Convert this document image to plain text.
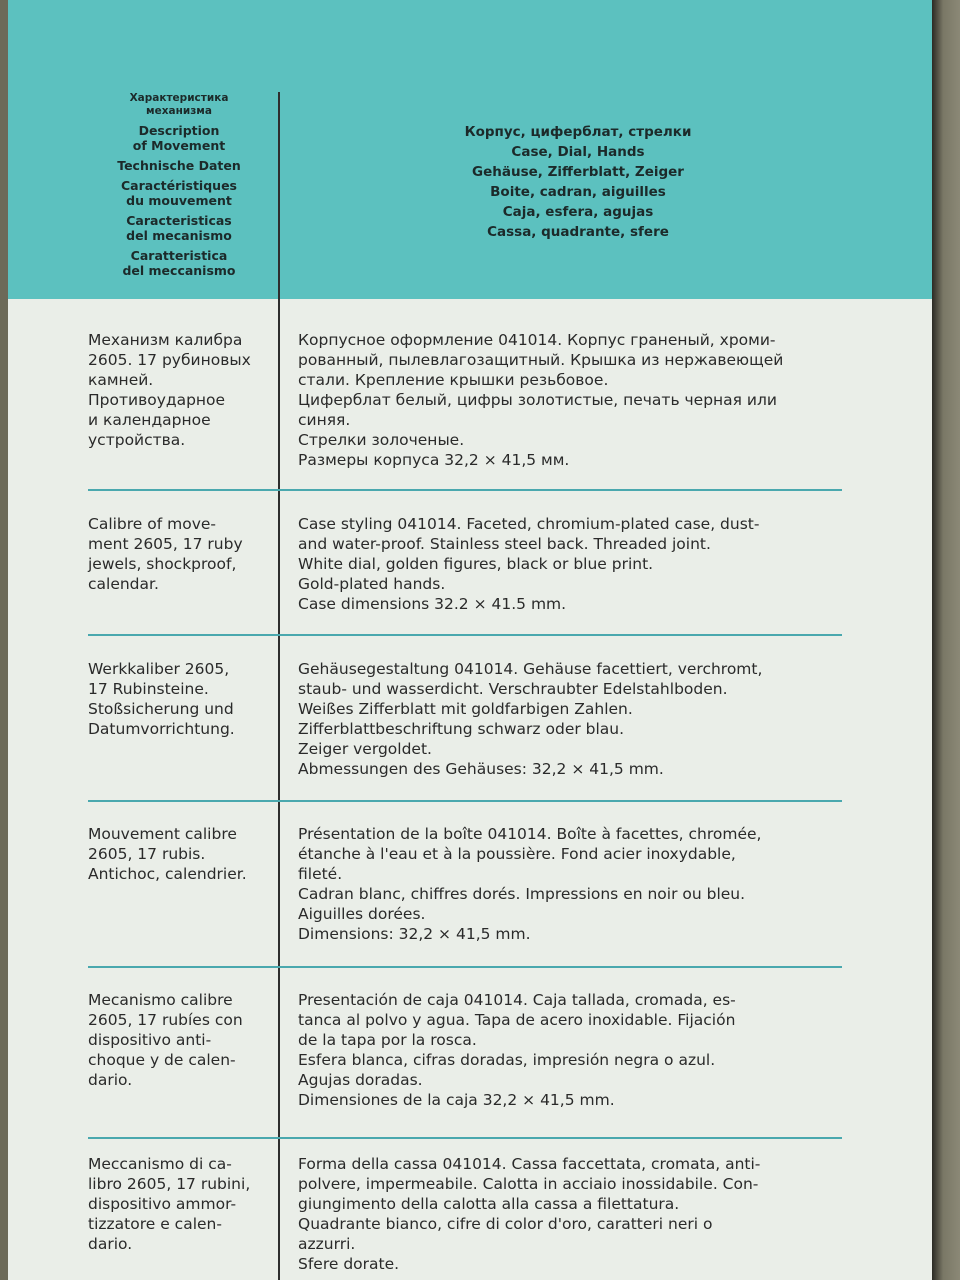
Характеристика
механизма
Description
of Movement
Technische Daten
Caractéristiques
du mouvement
Caracteristicas
del mecanismo
Caratteristica
del meccanismo
Корпус, циферблат, стрелки
Case, Dial, Hands
Gehäuse, Zifferblatt, Zeiger
Boite, cadran, aiguilles
Caja, esfera, agujas
Cassa, quadrante, sfere

Механизм калибра

2605. 17 рубиновых

камней.

Противоударное

и календарное

устройства.

Корпусное оформление 041014. Корпус граненый, хроми-

рованный, пылевлагозащитный. Крышка из нержавеющей

стали. Крепление крышки резьбовое.

Циферблат белый, цифры золотистые, печать черная или

синяя.

Стрелки золоченые.

Размеры корпуса 32,2 × 41,5 мм.

Calibre of move-

ment 2605, 17 ruby

jewels, shockproof,

calendar.

Case styling 041014. Faceted, chromium-plated case, dust-

and water-proof. Stainless steel back. Threaded joint.

White dial, golden figures, black or blue print.

Gold-plated hands.

Case dimensions 32.2 × 41.5 mm.

Werkkaliber 2605,

17 Rubinsteine.

Stoßsicherung und

Datumvorrichtung.

Gehäusegestaltung 041014. Gehäuse facettiert, verchromt,

staub- und wasserdicht. Verschraubter Edelstahlboden.

Weißes Zifferblatt mit goldfarbigen Zahlen.

Zifferblattbeschriftung schwarz oder blau.

Zeiger vergoldet.

Abmessungen des Gehäuses: 32,2 × 41,5 mm.

Mouvement calibre

2605, 17 rubis.

Antichoc, calendrier.

Présentation de la boîte 041014. Boîte à facettes, chromée,

étanche à l'eau et à la poussière. Fond acier inoxydable,

fileté.

Cadran blanc, chiffres dorés. Impressions en noir ou bleu.

Aiguilles dorées.

Dimensions: 32,2 × 41,5 mm.

Mecanismo calibre

2605, 17 rubíes con

dispositivo anti-

choque y de calen-

dario.

Presentación de caja 041014. Caja tallada, cromada, es-

tanca al polvo y agua. Tapa de acero inoxidable. Fijación

de la tapa por la rosca.

Esfera blanca, cifras doradas, impresión negra o azul.

Agujas doradas.

Dimensiones de la caja 32,2 × 41,5 mm.

Meccanismo di ca-

libro 2605, 17 rubini,

dispositivo ammor-

tizzatore e calen-

dario.

Forma della cassa 041014. Cassa faccettata, cromata, anti-

polvere, impermeabile. Calotta in acciaio inossidabile. Con-

giungimento della calotta alla cassa a filettatura.

Quadrante bianco, cifre di color d'oro, caratteri neri o

azzurri.

Sfere dorate.
